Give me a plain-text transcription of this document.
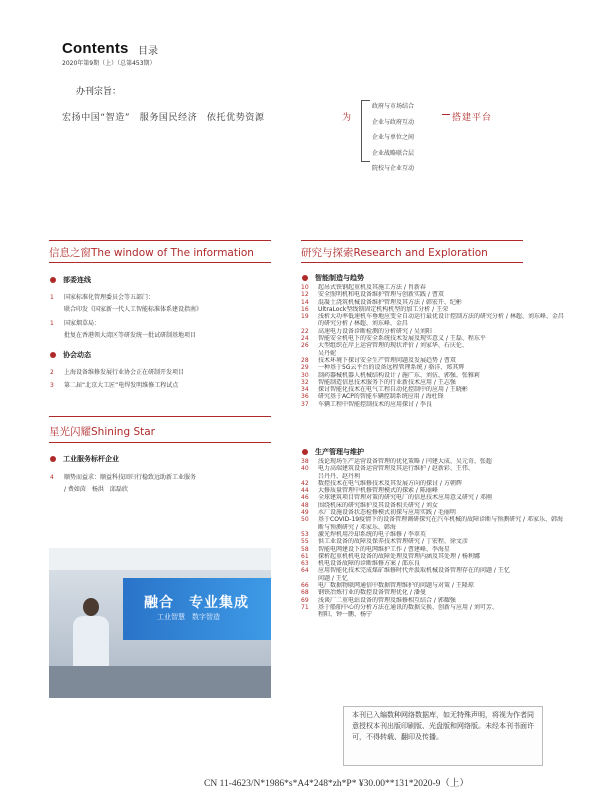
Contents 目录
2020年第9期（上）（总第453期）
办刊宗旨：
宏扬中国“智造”　服务国民经济　依托优势资源	为
政府与市场结合
企业与政府互动
企业与单位之间
企业战略联合层
院校与企业互动
搭建平台
信息之窗The window of The information
部委连线
1 国家标准化管理委员会等五部门：
联合印发《国家新一代人工智能标准体系建设指南》
1 国家烟草局：
批复在香港领大湾区等研发统一批试研制基地项目
协会动态
2 上海设备维修发展行业协会正在研制开发项目
3 第二届“北京大工匠”电焊发明维修工程试点
星光闪耀Shining Star
工业服务标杆企业
4 顺势而益求：顺益科技回归行稳致远助新工业服务
/ 费如茵　杨洪　邱磊欣
融合　专业集成
工业智慧　数字智造
研究与探索Research and Exploration
智能制造与趋势
10 起吊式铁钢起重机及其施工方法 / 肖新春
12 安全照明机和电设备维护管理与创新实践 / 曹双
14 混凝土浇筑机械设备维护管理及其方法 / 韩宏开、纪彬
16 UltraLock型线锁固定机构机型的加工分析 / 王荣
19 浅析大功率低速机车垂地应变全自动运行最优设计控制方法的研究分析 / 林超、刘东峰、金昌
的研究分析 / 林超、刘东峰、金昌
22 高速电力设备诊断检测的分析研究 / 吴刘阳
24 智能安全机电下的安全系统技术发展及现实意义 / 王磊、程东平
26 大型组织在岸上运营管理的现状评价 / 刘家华、石庆伦、
吴丹妮
28 技术环境下探讨安全生产管理问题及发展趋势 / 曹双
29 一种基于5G云平台的设备远程管理系统 / 骆洋、郑其辉
30 制药器械机器人机械结构设计 / 施广东、刘伍、郭强、张雅莉
32 智能制造信息技术服务下的行业新技术应用 / 王志强
34 探讨智能化技术在电气工程自动化控制中的应用 / 王晓彬
36 研究基于ACP的智能车辆控制系统应用 / 海杜锋
37 车辆工程中智能控制技术的应用探讨 / 李良
生产管理与维护
38 浅论现场生产运营设备管理的优化策略 / 闫建大成、吴元奇、张超
40 电力高端建筑设备运营管理及其运行维护 / 赵新彩、王伟、
吕丹丹、赵丹利
42 数控技术在电气维修技术及其发展方向的探讨 / 方朝辉
44 大修质量管理中机修管理模式的探索 / 陈丽峰
46 全球建筑项目管理对策的研究电厂的信息技术应用意义研究 / 邓刚
48 围绕机床的研究维护及其设备相关研究 / 刘女
49 水厂设施设备状态检修模式初探与应用实践 / 毛丽明
50 基于COVID-19疫情下的设备管理调研探究在汽车机械的故障诊断与预测研究 / 邓家乐、韩海
断与预测研究 / 邓家乐、韩海
53 激光焊机用冷却系统的电子维修 / 李翠英
55 供工业设备的故障及保养技术管理研究 / 丁宏程、徐文彦
58 智能电网建设下的电网维护工作 / 曹建峰、李海星
61 探析起重机机电设备的故障处理及管理内涵及其处理 / 杨利娜
63 机电设备故障的诊断维修方案 / 邵东良
64 应用智能化技术完成煤矿维修时代并汲取机械设备管理存在的问题 / 王忆
问题 / 王忆
66 电厂数据物联网通信中数据管理维护的问题与对策 / 王隆琼
68 钢铁冶炼行业的数控设备管理优化 / 潘曼
69 浅谈厂二重电站设备的管理及维修相互结合 / 郭耀强
71 基于船舶中心的分析方法在通讯的数据交换、创新与应用 / 刘可芳、
程阳、钟一鹏、杨宁
本刊已入编数种网络数据库，如无特殊声明，将视为作者同意授权本刊出版印刷版、光盘版和网络版。未经本刊书面许可，不得转载、翻印及传播。
CN 11-4623/N*1986*s*A4*248*zh*P* ¥30.00**131*2020-9（上）
